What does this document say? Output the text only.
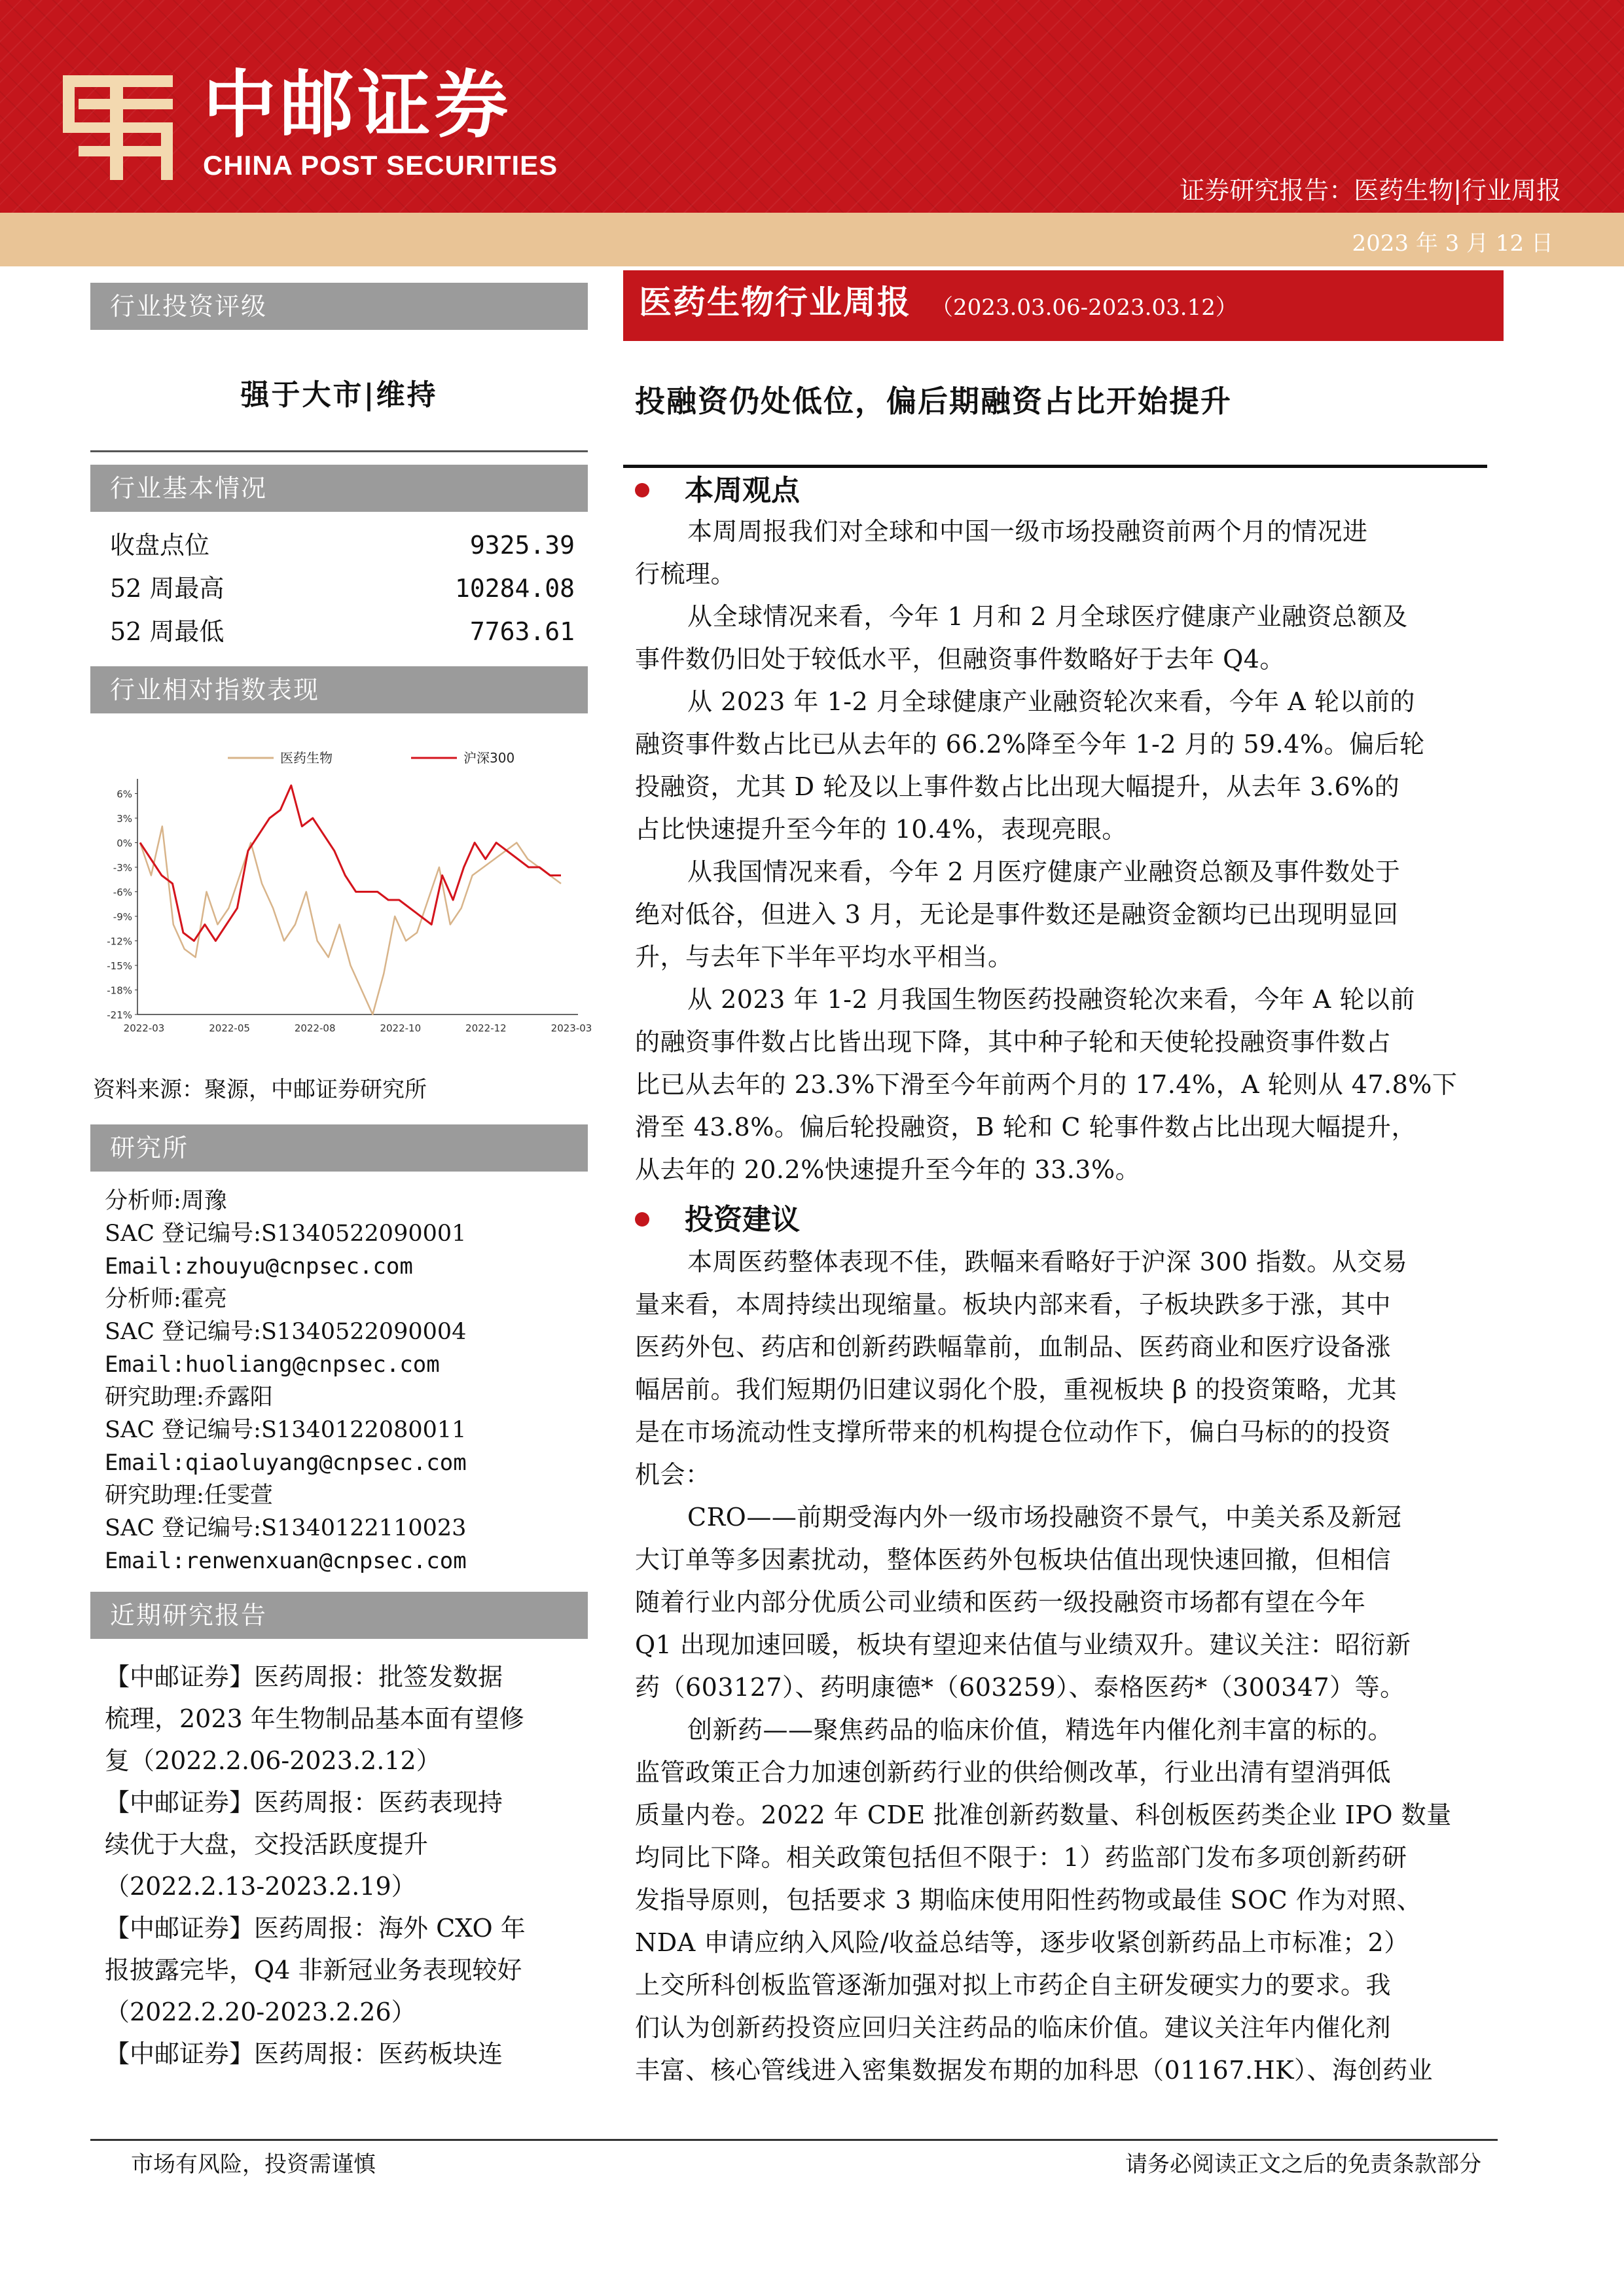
中邮证券
CHINA POST SECURITIES
证券研究报告：医药生物|行业周报
2023 年 3 月 12 日
行业投资评级
强于大市|维持
行业基本情况
收盘点位	9325.39
52 周最高	10284.08
52 周最低	7763.61
行业相对指数表现
6%
3%
0%
-3%
-6%
-9%
-12%
-15%
-18%
-21%
2022-03	2022-05	2022-08	2022-10	2022-12	2023-03
医药生物	沪深300
资料来源：聚源，中邮证券研究所
研究所
分析师:周豫
SAC 登记编号:S1340522090001
Email:zhouyu@cnpsec.com
分析师:霍亮
SAC 登记编号:S1340522090004
Email:huoliang@cnpsec.com
研究助理:乔露阳
SAC 登记编号:S1340122080011
Email:qiaoluyang@cnpsec.com
研究助理:任雯萱
SAC 登记编号:S1340122110023
Email:renwenxuan@cnpsec.com
近期研究报告
【中邮证券】医药周报：批签发数据
梳理，2023 年生物制品基本面有望修
复（2022.2.06-2023.2.12）
【中邮证券】医药周报：医药表现持
续优于大盘，交投活跃度提升
（2022.2.13-2023.2.19）
【中邮证券】医药周报：海外 CXO 年
报披露完毕，Q4 非新冠业务表现较好
（2022.2.20-2023.2.26）
【中邮证券】医药周报：医药板块连
医药生物行业周报 （2023.03.06-2023.03.12）
投融资仍处低位，偏后期融资占比开始提升
本周观点
本周周报我们对全球和中国一级市场投融资前两个月的情况进
行梳理。
从全球情况来看，今年 1 月和 2 月全球医疗健康产业融资总额及
事件数仍旧处于较低水平，但融资事件数略好于去年 Q4。
从 2023 年 1-2 月全球健康产业融资轮次来看，今年 A 轮以前的
融资事件数占比已从去年的 66.2%降至今年 1-2 月的 59.4%。偏后轮
投融资，尤其 D 轮及以上事件数占比出现大幅提升，从去年 3.6%的
占比快速提升至今年的 10.4%，表现亮眼。
从我国情况来看，今年 2 月医疗健康产业融资总额及事件数处于
绝对低谷，但进入 3 月，无论是事件数还是融资金额均已出现明显回
升，与去年下半年平均水平相当。
从 2023 年 1-2 月我国生物医药投融资轮次来看，今年 A 轮以前
的融资事件数占比皆出现下降，其中种子轮和天使轮投融资事件数占
比已从去年的 23.3%下滑至今年前两个月的 17.4%，A 轮则从 47.8%下
滑至 43.8%。偏后轮投融资，B 轮和 C 轮事件数占比出现大幅提升，
从去年的 20.2%快速提升至今年的 33.3%。
投资建议
本周医药整体表现不佳，跌幅来看略好于沪深 300 指数。从交易
量来看，本周持续出现缩量。板块内部来看，子板块跌多于涨，其中
医药外包、药店和创新药跌幅靠前，血制品、医药商业和医疗设备涨
幅居前。我们短期仍旧建议弱化个股，重视板块 β 的投资策略，尤其
是在市场流动性支撑所带来的机构提仓位动作下，偏白马标的的投资
机会：
CRO——前期受海内外一级市场投融资不景气，中美关系及新冠
大订单等多因素扰动，整体医药外包板块估值出现快速回撤，但相信
随着行业内部分优质公司业绩和医药一级投融资市场都有望在今年
Q1 出现加速回暖，板块有望迎来估值与业绩双升。建议关注：昭衍新
药（603127）、药明康德*（603259）、泰格医药*（300347）等。
创新药——聚焦药品的临床价值，精选年内催化剂丰富的标的。
监管政策正合力加速创新药行业的供给侧改革，行业出清有望消弭低
质量内卷。2022 年 CDE 批准创新药数量、科创板医药类企业 IPO 数量
均同比下降。相关政策包括但不限于：1）药监部门发布多项创新药研
发指导原则，包括要求 3 期临床使用阳性药物或最佳 SOC 作为对照、
NDA 申请应纳入风险/收益总结等，逐步收紧创新药品上市标准；2）
上交所科创板监管逐渐加强对拟上市药企自主研发硬实力的要求。我
们认为创新药投资应回归关注药品的临床价值。建议关注年内催化剂
丰富、核心管线进入密集数据发布期的加科思（01167.HK）、海创药业
市场有风险，投资需谨慎	请务必阅读正文之后的免责条款部分
